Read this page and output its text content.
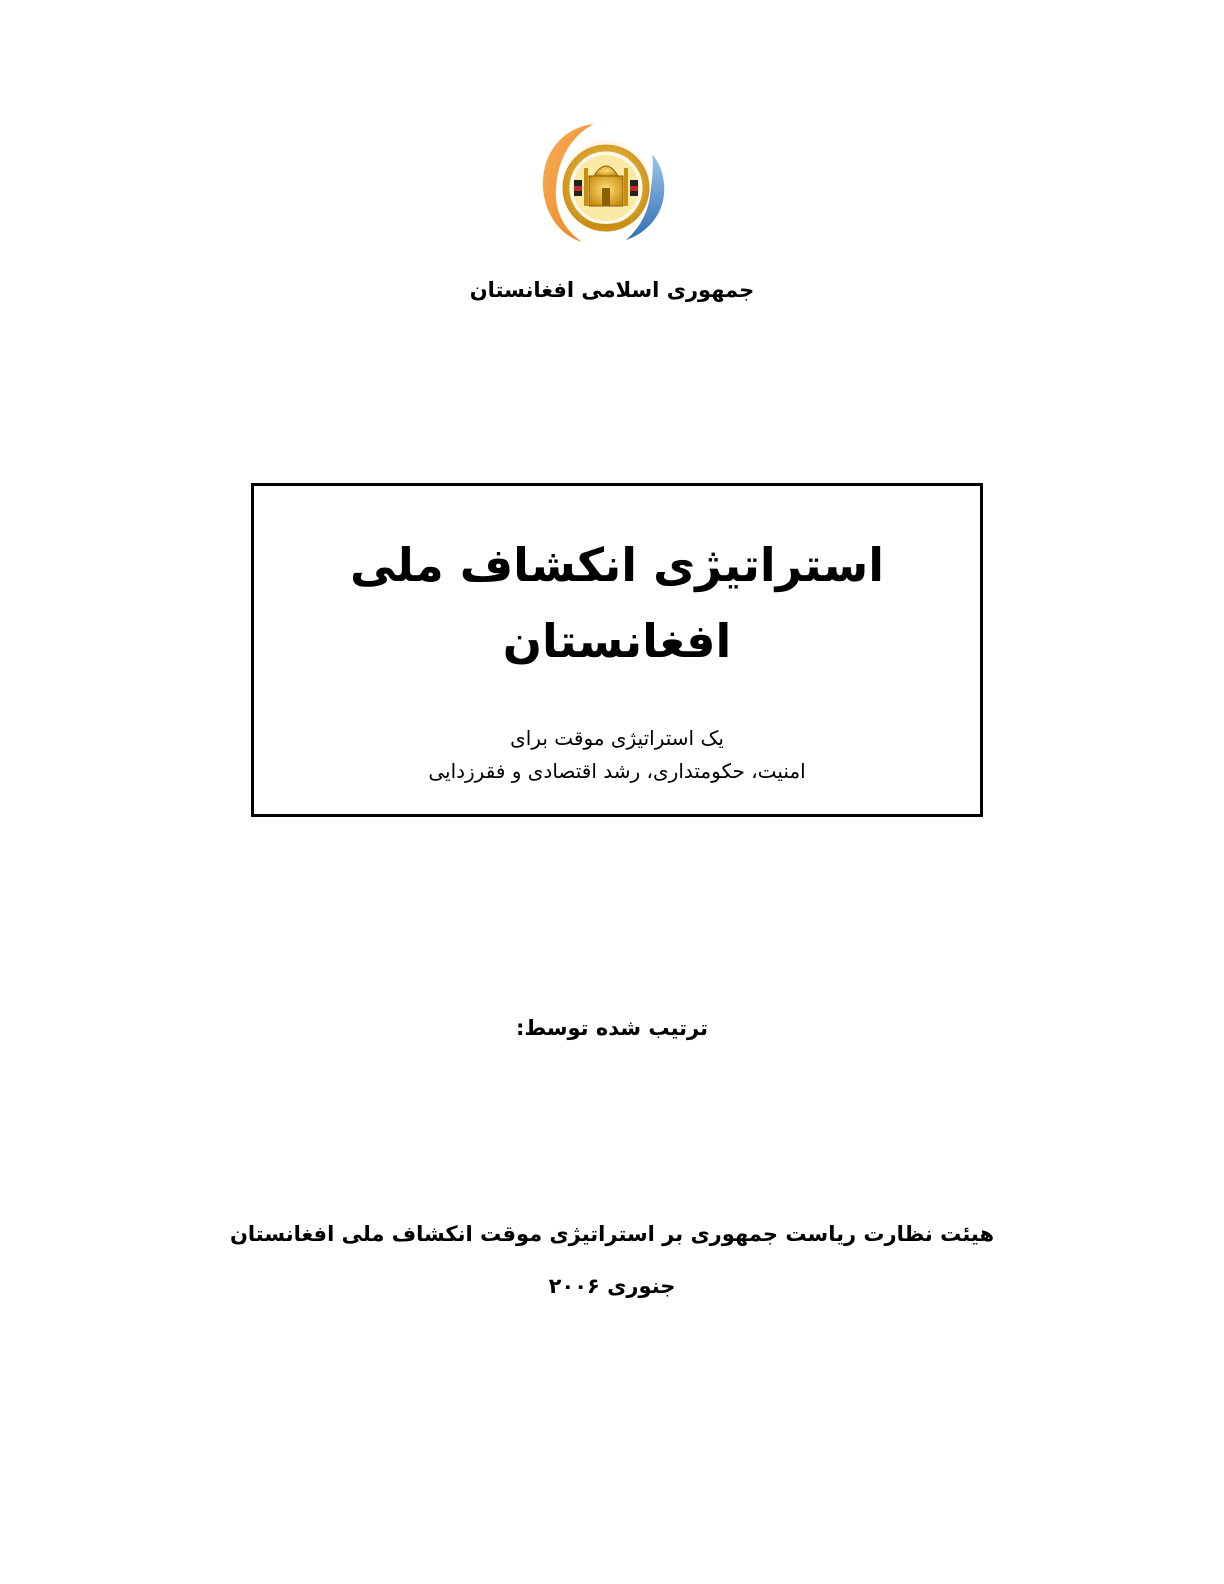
جمهوری اسلامی افغانستان
استراتیژی انکشاف ملی
افغانستان
یک استراتیژی موقت برای
امنیت، حکومتداری، رشد اقتصادی و فقرزدایی
ترتیب شده توسط:
هیئت نظارت ریاست جمهوری بر استراتیژی موقت انکشاف ملی افغانستان
جنوری ۲۰۰۶
